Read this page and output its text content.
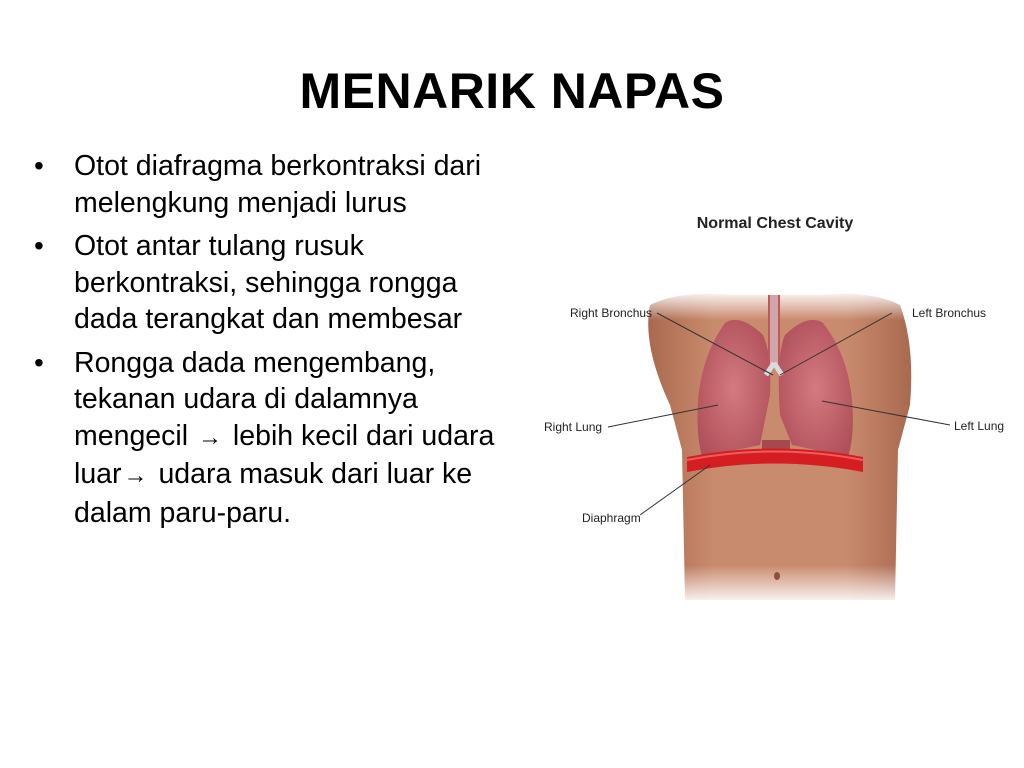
MENARIK NAPAS
• Otot diafragma berkontraksi dari melengkung menjadi lurus
• Otot antar tulang rusuk berkontraksi, sehingga rongga dada terangkat dan membesar
• Rongga dada mengembang, tekanan udara di dalamnya mengecil → lebih kecil dari udara luar→ udara masuk dari luar ke dalam paru-paru.
Normal Chest Cavity
Right Bronchus	Left Bronchus
Right Lung	Left Lung
Diaphragm
